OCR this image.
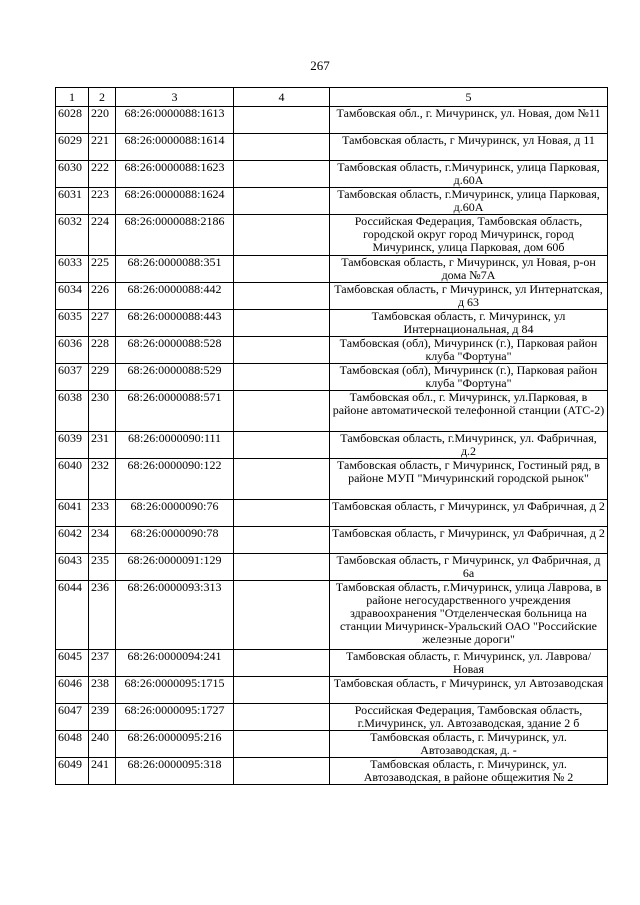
267
1	2	3	4	5
6028	220	68:26:0000088:1613		Тамбовская обл., г. Мичуринск, ул. Новая, дом №11
6029	221	68:26:0000088:1614		Тамбовская область, г Мичуринск, ул Новая, д 11
6030	222	68:26:0000088:1623		Тамбовская область, г.Мичуринск, улица Парковая, д.60А
6031	223	68:26:0000088:1624		Тамбовская область, г.Мичуринск, улица Парковая, д.60А
6032	224	68:26:0000088:2186		Российская Федерация, Тамбовская область, городской округ город Мичуринск, город Мичуринск, улица Парковая, дом 60б
6033	225	68:26:0000088:351		Тамбовская область, г Мичуринск, ул Новая, р-он дома №7А
6034	226	68:26:0000088:442		Тамбовская область, г Мичуринск, ул Интернатская, д 63
6035	227	68:26:0000088:443		Тамбовская область, г. Мичуринск, ул Интернациональная, д 84
6036	228	68:26:0000088:528		Тамбовская (обл), Мичуринск (г.), Парковая район клуба "Фортуна"
6037	229	68:26:0000088:529		Тамбовская (обл), Мичуринск (г.), Парковая район клуба "Фортуна"
6038	230	68:26:0000088:571		Тамбовская обл., г. Мичуринск, ул.Парковая, в районе автоматической телефонной станции (АТС-2)
6039	231	68:26:0000090:111		Тамбовская область, г.Мичуринск, ул. Фабричная, д.2
6040	232	68:26:0000090:122		Тамбовская область, г Мичуринск, Гостиный ряд, в районе МУП "Мичуринский городской рынок"
6041	233	68:26:0000090:76		Тамбовская область, г Мичуринск, ул Фабричная, д 2
6042	234	68:26:0000090:78		Тамбовская область, г Мичуринск, ул Фабричная, д 2
6043	235	68:26:0000091:129		Тамбовская область, г Мичуринск, ул Фабричная, д 6а
6044	236	68:26:0000093:313		Тамбовская область, г.Мичуринск, улица Лаврова, в районе негосударственного учреждения здравоохранения "Отделенческая больница на станции Мичуринск-Уральский ОАО "Российские железные дороги"
6045	237	68:26:0000094:241		Тамбовская область, г. Мичуринск, ул. Лаврова/Новая
6046	238	68:26:0000095:1715		Тамбовская область, г Мичуринск, ул Автозаводская
6047	239	68:26:0000095:1727		Российская Федерация, Тамбовская область, г.Мичуринск, ул. Автозаводская, здание 2 б
6048	240	68:26:0000095:216		Тамбовская область, г. Мичуринск, ул. Автозаводская, д. -
6049	241	68:26:0000095:318		Тамбовская область, г. Мичуринск, ул. Автозаводская, в районе общежития № 2
